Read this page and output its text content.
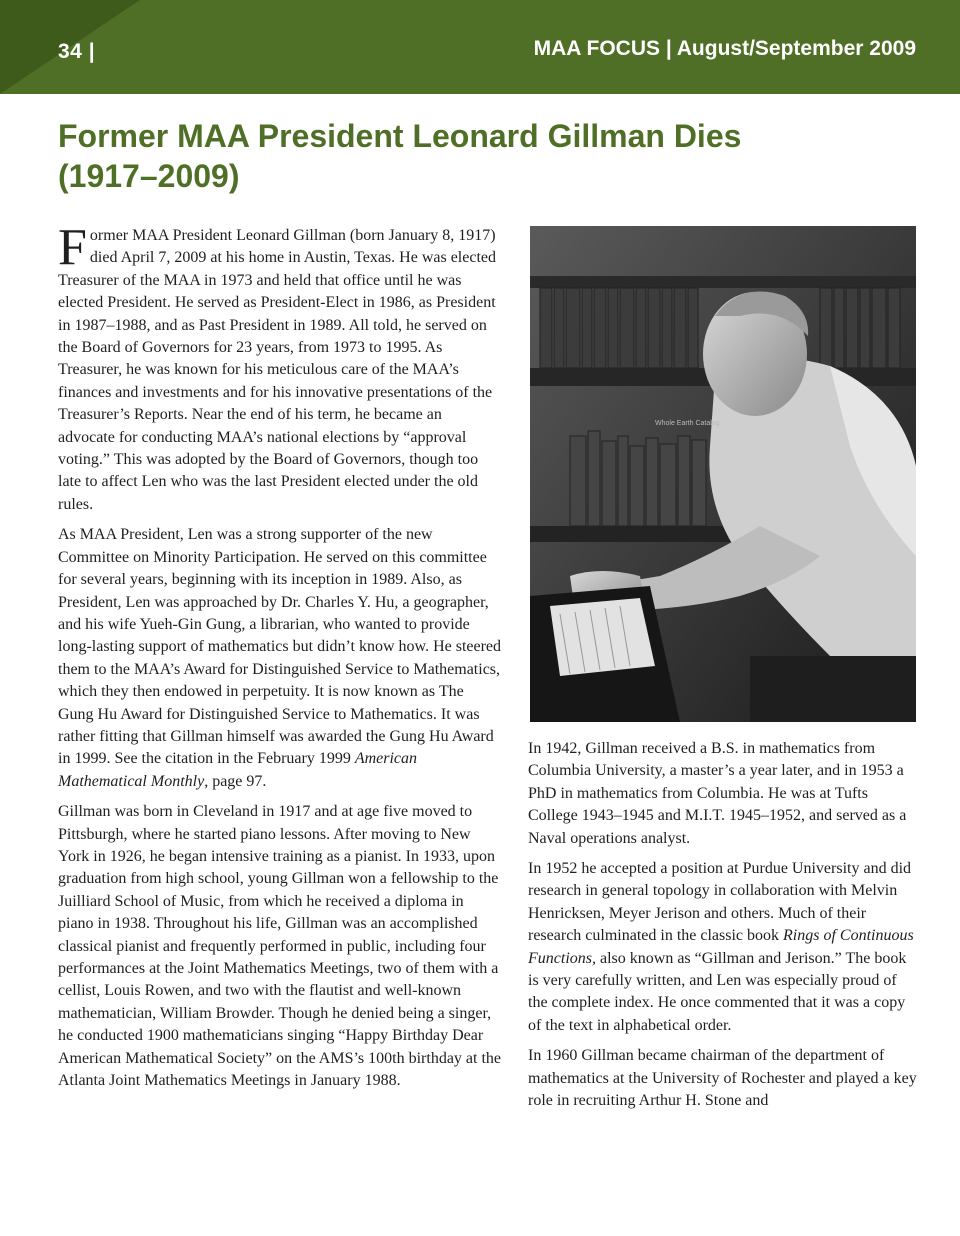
34 |	MAA FOCUS | August/September 2009
Former MAA President Leonard Gillman Dies (1917–2009)

Former MAA President Leonard Gillman (born January 8, 1917) died April 7, 2009 at his home in Austin, Texas. He was elected Treasurer of the MAA in 1973 and held that office until he was elected President. He served as President-Elect in 1986, as President in 1987–1988, and as Past President in 1989. All told, he served on the Board of Governors for 23 years, from 1973 to 1995. As Treasurer, he was known for his meticulous care of the MAA’s finances and investments and for his innovative presentations of the Treasurer’s Reports. Near the end of his term, he became an advocate for conducting MAA’s national elections by “approval voting.” This was adopted by the Board of Governors, though too late to affect Len who was the last President elected under the old rules.

As MAA President, Len was a strong supporter of the new Committee on Minority Participation. He served on this committee for several years, beginning with its inception in 1989. Also, as President, Len was approached by Dr. Charles Y. Hu, a geographer, and his wife Yueh-Gin Gung, a librarian, who wanted to provide long-lasting support of mathematics but didn’t know how. He steered them to the MAA’s Award for Distinguished Service to Mathematics, which they then endowed in perpetuity. It is now known as The Gung Hu Award for Distinguished Service to Mathematics. It was rather fitting that Gillman himself was awarded the Gung Hu Award in 1999. See the citation in the February 1999 American Mathematical Monthly, page 97.

Gillman was born in Cleveland in 1917 and at age five moved to Pittsburgh, where he started piano lessons. After moving to New York in 1926, he began intensive training as a pianist. In 1933, upon graduation from high school, young Gillman won a fellowship to the Juilliard School of Music, from which he received a diploma in piano in 1938. Throughout his life, Gillman was an accomplished classical pianist and frequently performed in public, including four performances at the Joint Mathematics Meetings, two of them with a cellist, Louis Rowen, and two with the flautist and well-known mathematician, William Browder. Though he denied being a singer, he conducted 1900 mathematicians singing “Happy Birthday Dear American Mathematical Society” on the AMS’s 100th birthday at the Atlanta Joint Mathematics Meetings in January 1988.

Whole Earth Catalog

In 1942, Gillman received a B.S. in mathematics from Columbia University, a master’s a year later, and in 1953 a PhD in mathematics from Columbia. He was at Tufts College 1943–1945 and M.I.T. 1945–1952, and served as a Naval operations analyst.

In 1952 he accepted a position at Purdue University and did research in general topology in collaboration with Melvin Henricksen, Meyer Jerison and others. Much of their research culminated in the classic book Rings of Continuous Functions, also known as “Gillman and Jerison.” The book is very carefully written, and Len was especially proud of the complete index. He once commented that it was a copy of the text in alphabetical order.

In 1960 Gillman became chairman of the department of mathematics at the University of Rochester and played a key role in recruiting Arthur H. Stone and
